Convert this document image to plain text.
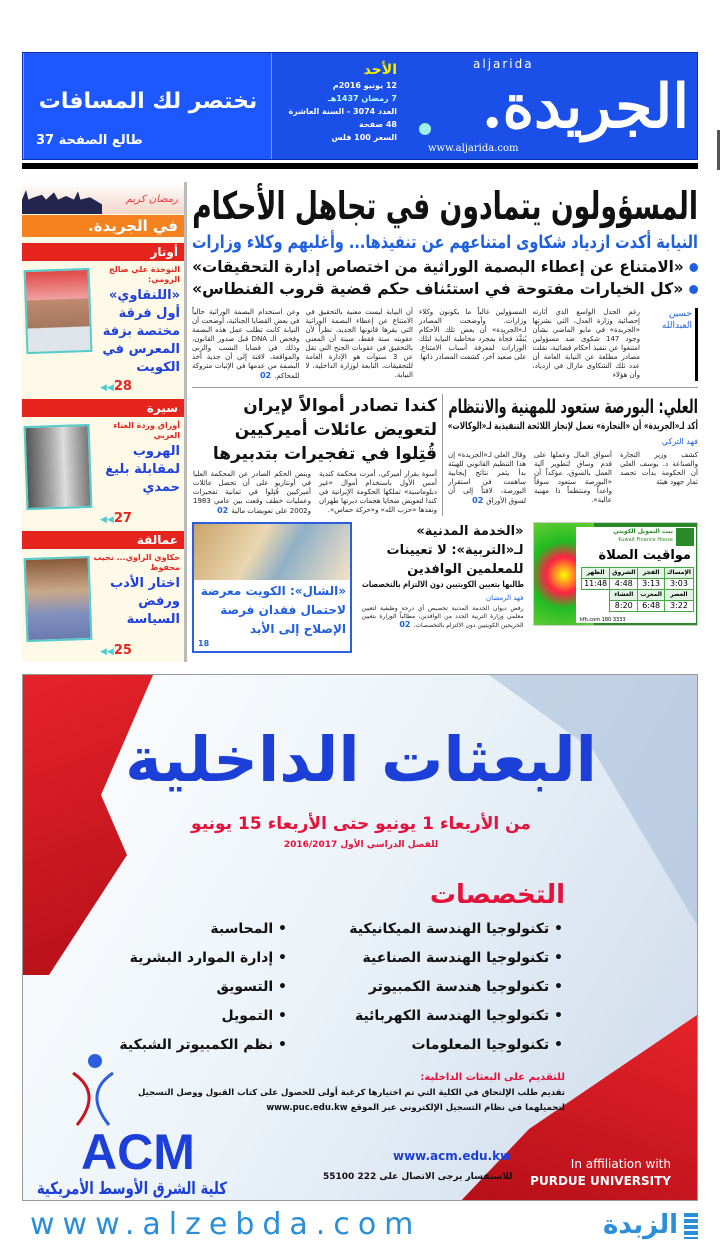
نختصر لك المسافات
طالع الصفحة 37
الأحد
12 يونيو 2016م
7 رمضان 1437هـ
العدد 3074 - السنة العاشرة
48 صفحة
السعر 100 فلس	الجريدة.
aljarida
www.aljarida.com
المسؤولون يتمادون في تجاهل الأحكام
النيابة أكدت ازدياد شكاوى امتناعهم عن تنفيذها... وأغلبهم وكلاء وزارات
«الامتناع عن إعطاء البصمة الوراثية من اختصاص إدارة التحقيقات»
«كل الخيارات مفتوحة في استئناف حكم قضية قروب الفنطاس»
حسين العبدالله
رغم الجدل الواسع الذي أثارته إحصائية وزارة العدل، التي نشرتها «الجريدة» في مايو الماضي بشأن وجود 147 شكوى ضد مسؤولين امتنعوا عن تنفيذ أحكام قضائية، نقلت مصادر مطلعة عن النيابة العامة أن عدد تلك الشكاوى مازال في ازدياد، وأن هؤلاء
المسؤولين غالباً ما يكونون وكلاء وزارات. وأوضحت المصادر لـ«الجريدة» أن بعض تلك الأحكام يُنفَّذ فجأة بمجرد مخاطبة النيابة لتلك الوزارات لمعرفة أسباب الامتناع. على صعيد آخر، كشفت المصادر ذاتها
أن النيابة ليست معنية بالتحقيق في الامتناع عن إعطاء البصمة الوراثية التي يقرها قانونها الجديد، نظراً لأن عقوبته سنة فقط، مبينة أن المعني بالتحقيق في عقوبات الجنح التي تقل عن 3 سنوات هو الإدارة العامة للتحقيقات، التابعة لوزارة الداخلية، لا النيابة.
وعن استخدام البصمة الوراثية حالياً في بعض القضايا الجنائية، أوضحت أن النيابة كانت تطلب عمل هذه البصمة وفحص الـ DNA قبل صدور القانون، وذلك في قضايا النسب والزنى والمواقعة، لافتة إلى أن جدية أخذ البصمة من عدمها في الإثبات متروكة للمحاكم.02
العلي: البورصة ستعود للمهنية والانتظام
أكد لـ«الجريدة» أن «التجارة» تعمل لإنجاز اللائحة التنفيذية لـ«الوكالات»
فهد التركي
كشف وزير التجارة والصناعة د. يوسف العلي أن الحكومة بدأت تحصد ثمار جهود هيئة
أسواق المال وعملها على قدم وساق لتطوير آلية العمل بالسوق، مؤكداً أن «البورصة ستعود سوقاً واعداً ومنتظماً ذا مهنية عالية».
وقال العلي لـ«الجريدة» إن هذا التنظيم القانوني للهيئة بدأ يثمر نتائج إيجابية ساهمت في استقرار البورصة، لافتاً إلى أن لسوق الأوراق02
كندا تصادر أموالاً لإيران لتعويض عائلات أميركيين قُتِلوا في تفجيرات بتدبيرها
أسوة بقرار أميركي، أمرت محكمة كندية أمس الأول باستخدام أموال «غير دبلوماسية» تملكها الحكومة الإيرانية في كندا لتعويض ضحايا هجمات دبرتها طهران ونفذها «حزب الله» و«حركة حماس».
وينص الحكم الصادر عن المحكمة العليا في أونتاريو على أن تحصل عائلات أميركيين قُتِلوا في ثمانية تفجيرات وعمليات خطف وقعت بين عامي 1983 و2002 على تعويضات مالية02
بيت التمويل الكويتي
Kuwait Finance House
مواقيت الصلاة
الإمساك	الفجر	الشروق	الظهر
3:03	3:13	4:48	11:48
العصر	المغرب	العشاء	
3:22	6:48	8:20	
kfh.com 180 3333
«الخدمة المدنية» لـ«التربية»: لا تعيينات للمعلمين الوافدين
طالبها بتعيين الكويتيين دون الالتزام بالتخصصات
فهد الرمضان
رفض ديوان الخدمة المدنية تخصيص أي درجة وظيفية لتعيين معلمي وزارة التربية الجدد من الوافدين، مطالباً الوزارة بتعيين الخريجين الكويتيين دون الالتزام بالتخصصات.02
«الشال»: الكويت معرضة لاحتمال فقدان فرصة الإصلاح إلى الأبد
18
رمضان كريم
في الجريدة.
أوتار
النوخذة علي صالح الرومي:
«اللنقاوي» أول فرقة مختصة بزفة المعرس في الكويت
◀◀28
سيرة
أوراق وردة الغناء العربي
الهروب لمقابلة بليغ حمدي
◀◀27
عمالقة
حكاوي الراوي... نجيب محفوظ
اختار الأدب ورفض السياسة
◀◀25
البعثات الداخلية
من الأربعاء 1 يونيو حتى الأربعاء 15 يونيو
للفصل الدراسي الأول 2016/2017
التخصصات
• تكنولوجيا الهندسة الميكانيكية
• تكنولوجيا الهندسة الصناعية
• تكنولوجيا هندسة الكمبيوتر
• تكنولوجيا الهندسة الكهربائية
• تكنولوجيا المعلومات
• المحاسبة
• إدارة الموارد البشرية
• التسويق
• التمويل
• نظم الكمبيوتر الشبكية
للتقديم على البعثات الداخلية:
تقديم طلب الإلتحاق في الكلية التي تم اختيارها كرغبة أولى للحصول على كتاب القبول ووصل التسجيل
لتحميلهما في نظام التسجيل الإلكتروني عبر الموقع www.puc.edu.kw
ACM
كلية الشرق الأوسط الأمريكية
www.acm.edu.kw
للاستفسار يرجى الاتصال على 222 55100
In affiliation with
PURDUE UNIVERSITY
www.alzebda.com	الزبدة
